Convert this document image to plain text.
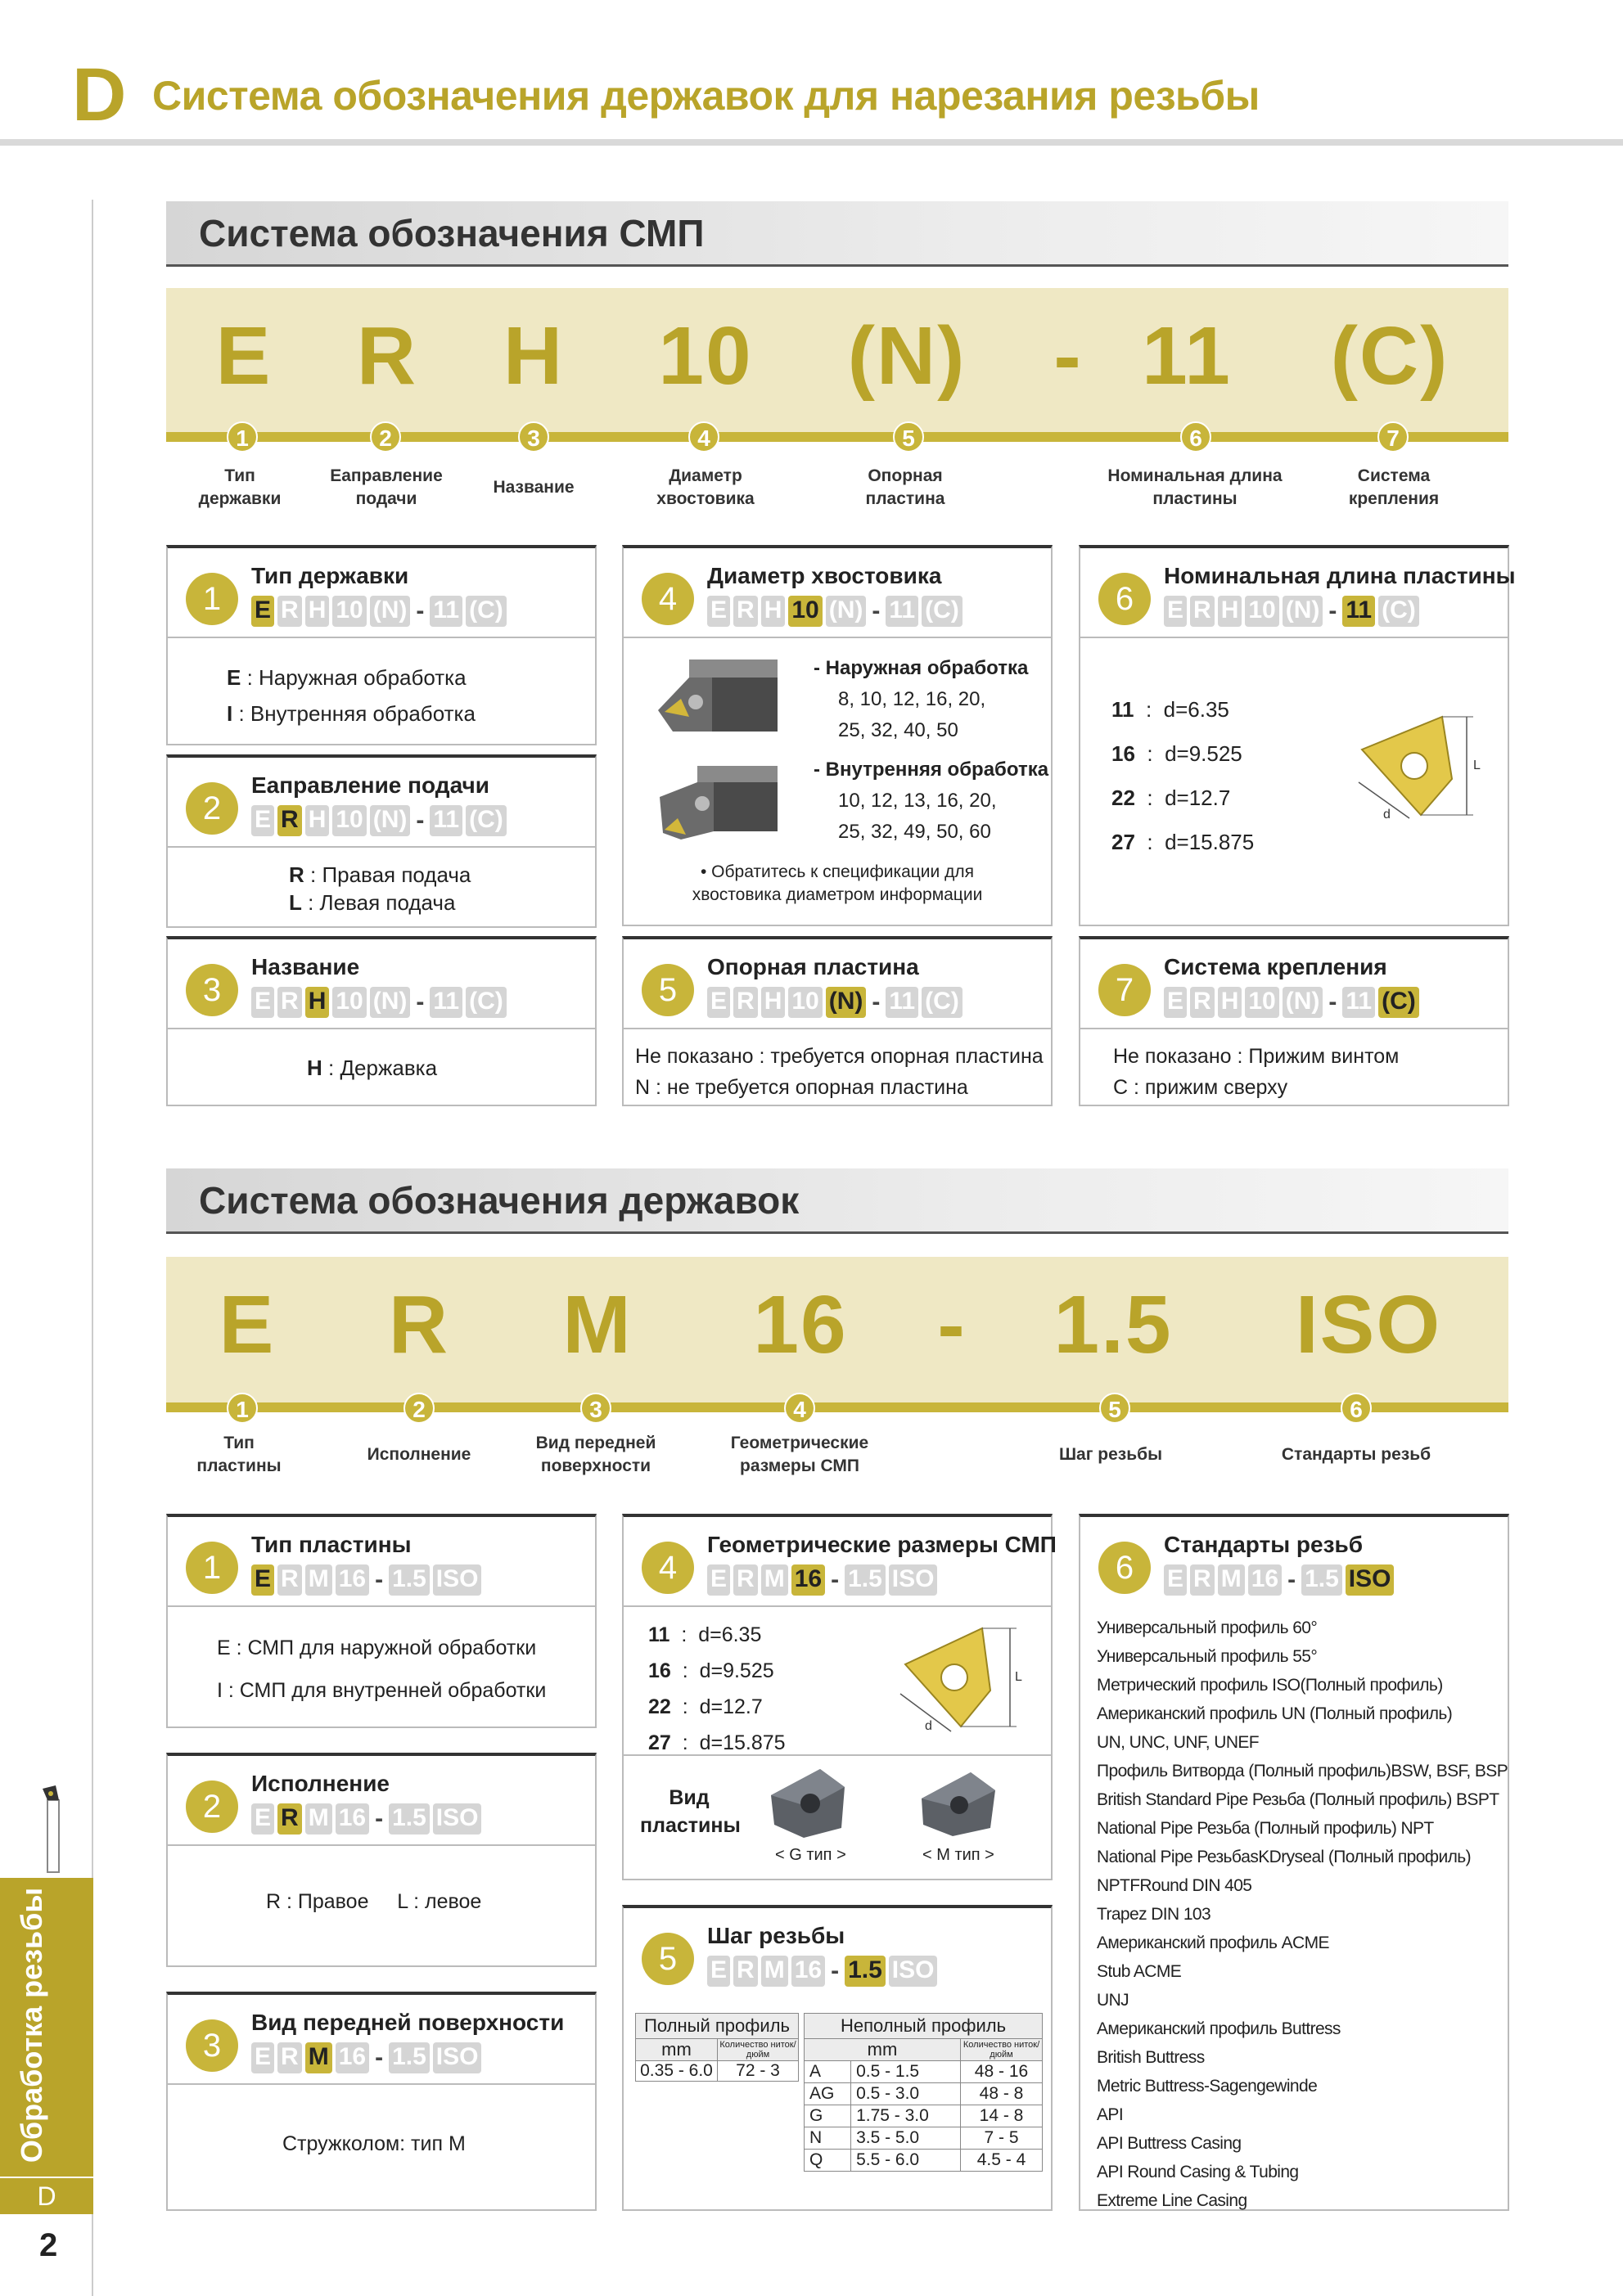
D Система обозначения державок для нарезания резьбы
Обработка резьбы
D
2
Система обозначения СМП
E R H 10 (N) - 11 (C)
1	2	3	4	5	6	7
Тип державки
Еаправление подачи
Название
Диаметр хвостовика
Опорная пластина
Номинальная длина пластины
Система крепления
1
Тип державки
E R H 10 (N) - 11 (C)

E : Наружная обработка

I : Внутренняя обработка

2
Еаправление подачи
E R H 10 (N) - 11 (C)

R : Правая подача

L : Левая подача

3
Название
E R H 10 (N) - 11 (C)

H : Державка

4
Диаметр хвостовика
E R H 10 (N) - 11 (C)

- Наружная обработка

8, 10, 12, 16, 20,

25, 32, 40, 50

- Внутренняя обработка

10, 12, 13, 16, 20,

25, 32, 49, 50, 60

• Обратитесь к спецификации для

хвостовика диаметром информации

5
Опорная пластина
E R H 10 (N) - 11 (C)

Не показано : требуется опорная пластина

N : не требуется опорная пластина

6
Номинальная длина пластины
E R H 10 (N) - 11 (C)

11 : d=6.35

16 : d=9.525

22 : d=12.7

27 : d=15.875

L
d
7
Система крепления
E R H 10 (N) - 11 (C)

Не показано : Прижим винтом

C : прижим сверху

Система обозначения державок
E R M 16 - 1.5 ISO
1	2	3	4	5	6
Тип пластины
Исполнение
Вид передней поверхности
Геометрические размеры СМП
Шаг резьбы	Стандарты резьб
1
Тип пластины
E R M 16 - 1.5 ISO

E : СМП для наружной обработки

I : СМП для внутренней обработки

2
Исполнение
E R M 16 - 1.5 ISO

R : Правое L : левое

3
Вид передней поверхности
E R M 16 - 1.5 ISO

Стружколом: тип M

4
Геометрические размеры СМП
E R M 16 - 1.5 ISO

11 : d=6.35

16 : d=9.525

22 : d=12.7

27 : d=15.875

L
d
Вид пластины
< G тип >	< M тип >
5
Шаг резьбы
E R M 16 - 1.5 ISO
Полный профиль	
mm	Количество ниток/дюйм
0.35 - 6.0	72 - 3
Неполный профиль		
mm		Количество ниток/дюйм
A	0.5 - 1.5	48 - 16
AG	0.5 - 3.0	48 - 8
G	1.75 - 3.0	14 - 8
N	3.5 - 5.0	7 - 5
Q	5.5 - 6.0	4.5 - 4
6
Стандарты резьб
E R M 16 - 1.5 ISO
Универсальный профиль 60°
Универсальный профиль 55°
Метрический профиль ISO(Полный профиль)
Американский профиль UN (Полный профиль)
UN, UNC, UNF, UNEF
Профиль Витворда (Полный профиль)BSW, BSF, BSP
British Standard Pipe Резьба (Полный профиль) BSPT
National Pipe Резьба (Полный профиль) NPT
National Pipe РезьбasKDryseal (Полный профиль)
NPTFRound DIN 405
Trapez DIN 103
Американский профиль ACME
Stub ACME
UNJ
Американский профиль Buttress
British Buttress
Metric Buttress-Sagengewinde
API
API Buttress Casing
API Round Casing & Tubing
Extreme Line Casing
